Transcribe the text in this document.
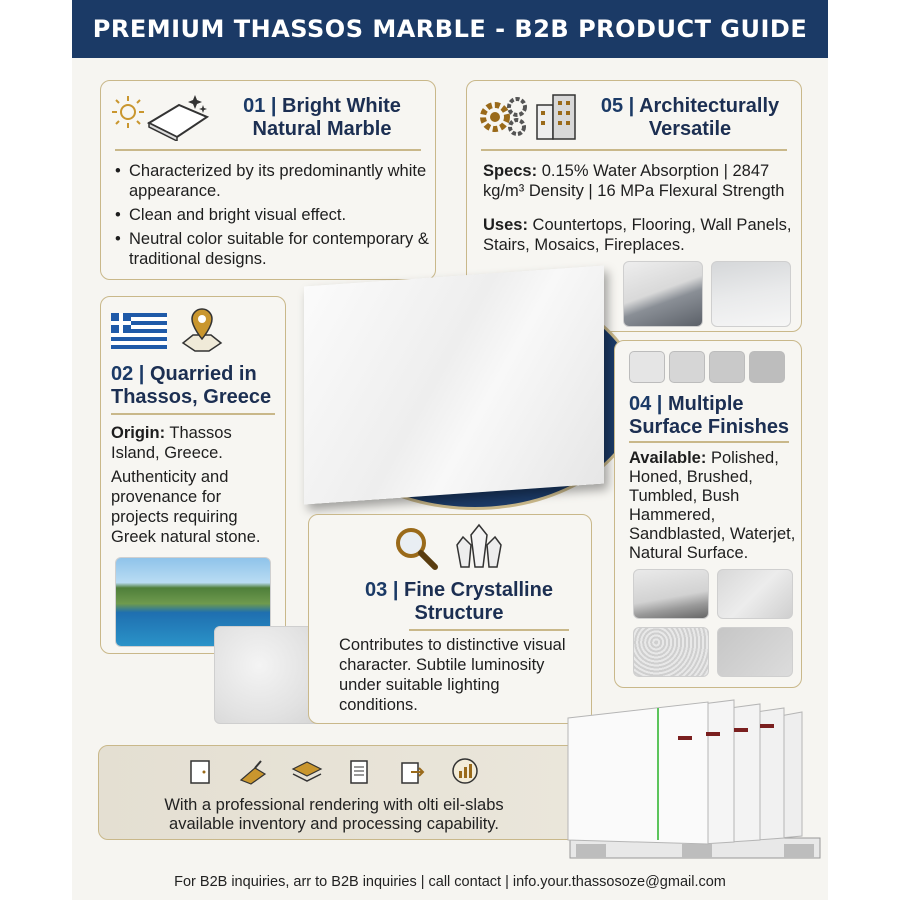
PREMIUM THASSOS MARBLE - B2B PRODUCT GUIDE
01 | Bright White
Natural Marble
• Characterized by its predominantly white appearance.
• Clean and bright visual effect.
• Neutral color suitable for contemporary & traditional designs.
05 | Architecturally
Versatile
Specs: 0.15% Water Absorption | 2847 kg/m³ Density | 16 MPa Flexural Strength
Uses: Countertops, Flooring, Wall Panels, Stairs, Mosaics, Fireplaces.
02 | Quarried in
Thassos, Greece
Origin: Thassos Island, Greece.
Authenticity and provenance for projects requiring Greek natural stone.
04 | Multiple
Surface Finishes
Available: Polished, Honed, Brushed, Tumbled, Bush Hammered, Sandblasted, Waterjet, Natural Surface.
03 | Fine Crystalline
Structure
Contributes to distinctive visual character. Subtile luminosity under suitable lighting conditions.
With a professional rendering with olti eil-slabs
available inventory and processing capability.
For B2B inquiries, arr to B2B inquiries | call contact | info.your.thassosoze@gmail.com
